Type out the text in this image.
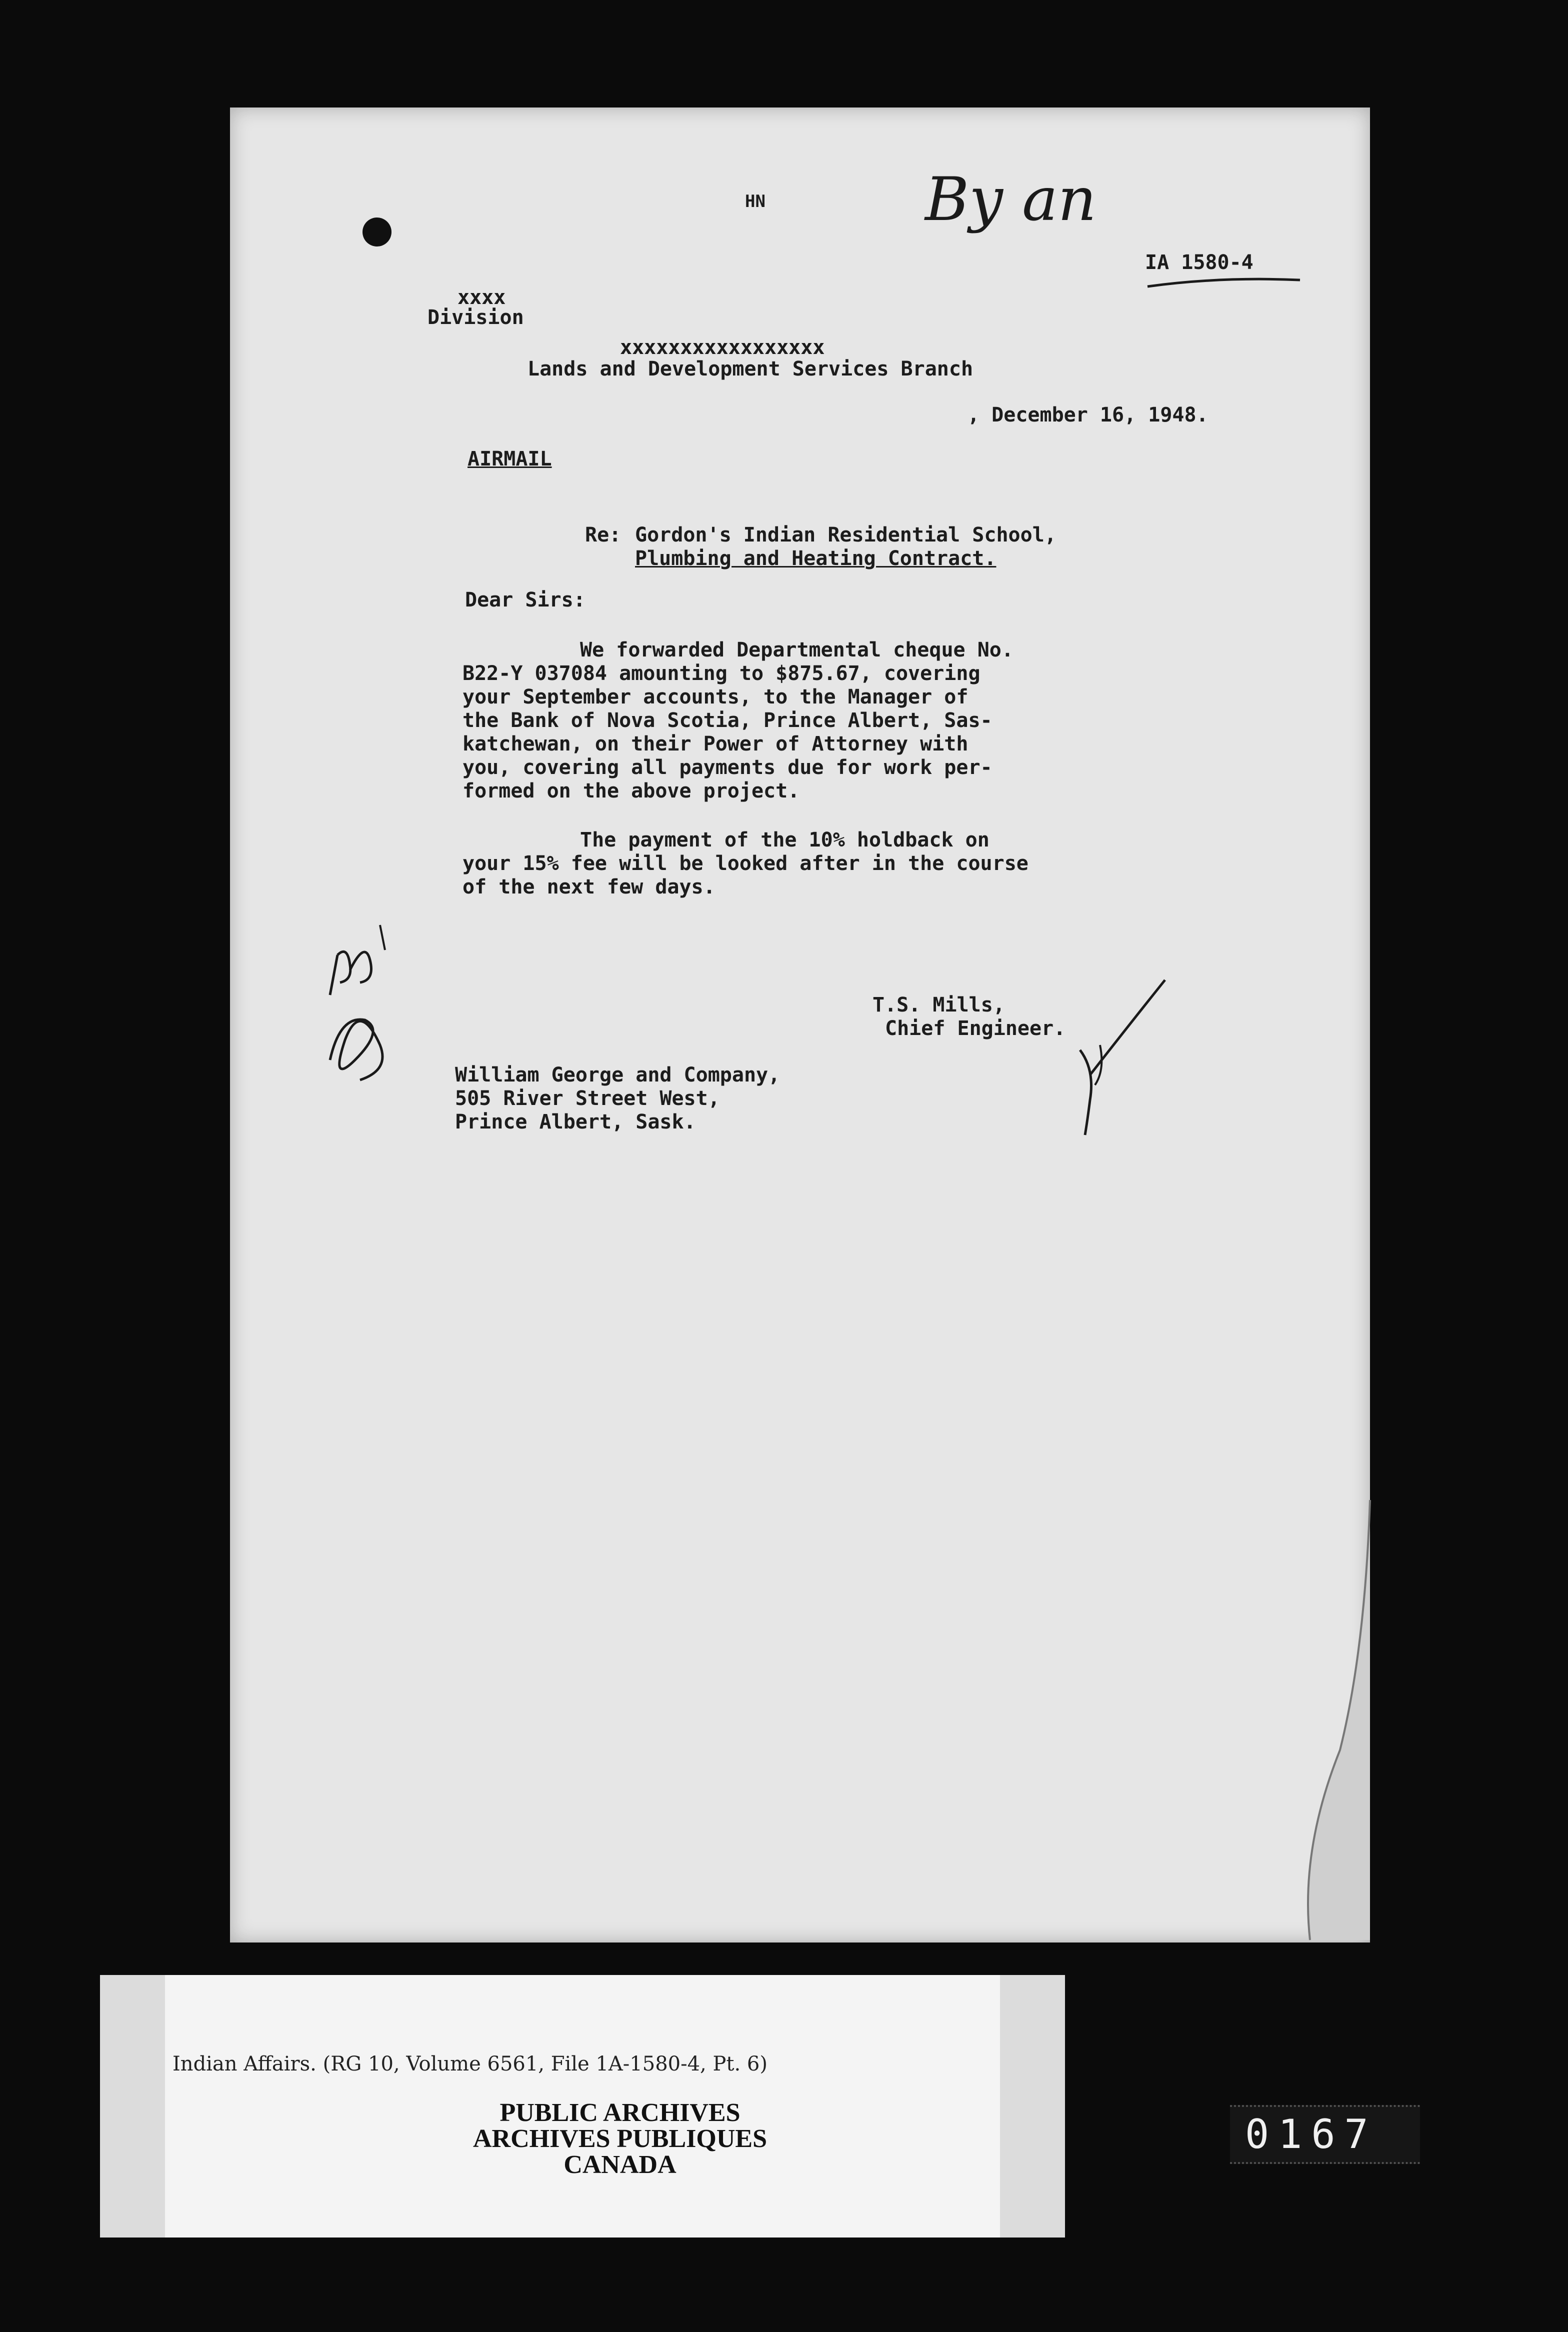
HN	By an
IA 1580-4
xxxx
Division
xxxxxxxxxxxxxxxxx
Lands and Development Services Branch
, December 16, 1948.
AIRMAIL
Re: Gordon's Indian Residential School,
Plumbing and Heating Contract.
Dear Sirs:
We forwarded Departmental cheque No.
B22-Y 037084 amounting to $875.67, covering
your September accounts, to the Manager of
the Bank of Nova Scotia, Prince Albert, Sas-
katchewan, on their Power of Attorney with
you, covering all payments due for work per-
formed on the above project.
The payment of the 10% holdback on
your 15% fee will be looked after in the course
of the next few days.
T.S. Mills,
Chief Engineer.
William George and Company,
505 River Street West,
Prince Albert, Sask.
Indian Affairs. (RG 10, Volume 6561, File 1A-1580-4, Pt. 6)
PUBLIC ARCHIVES
ARCHIVES PUBLIQUES
CANADA
0167
